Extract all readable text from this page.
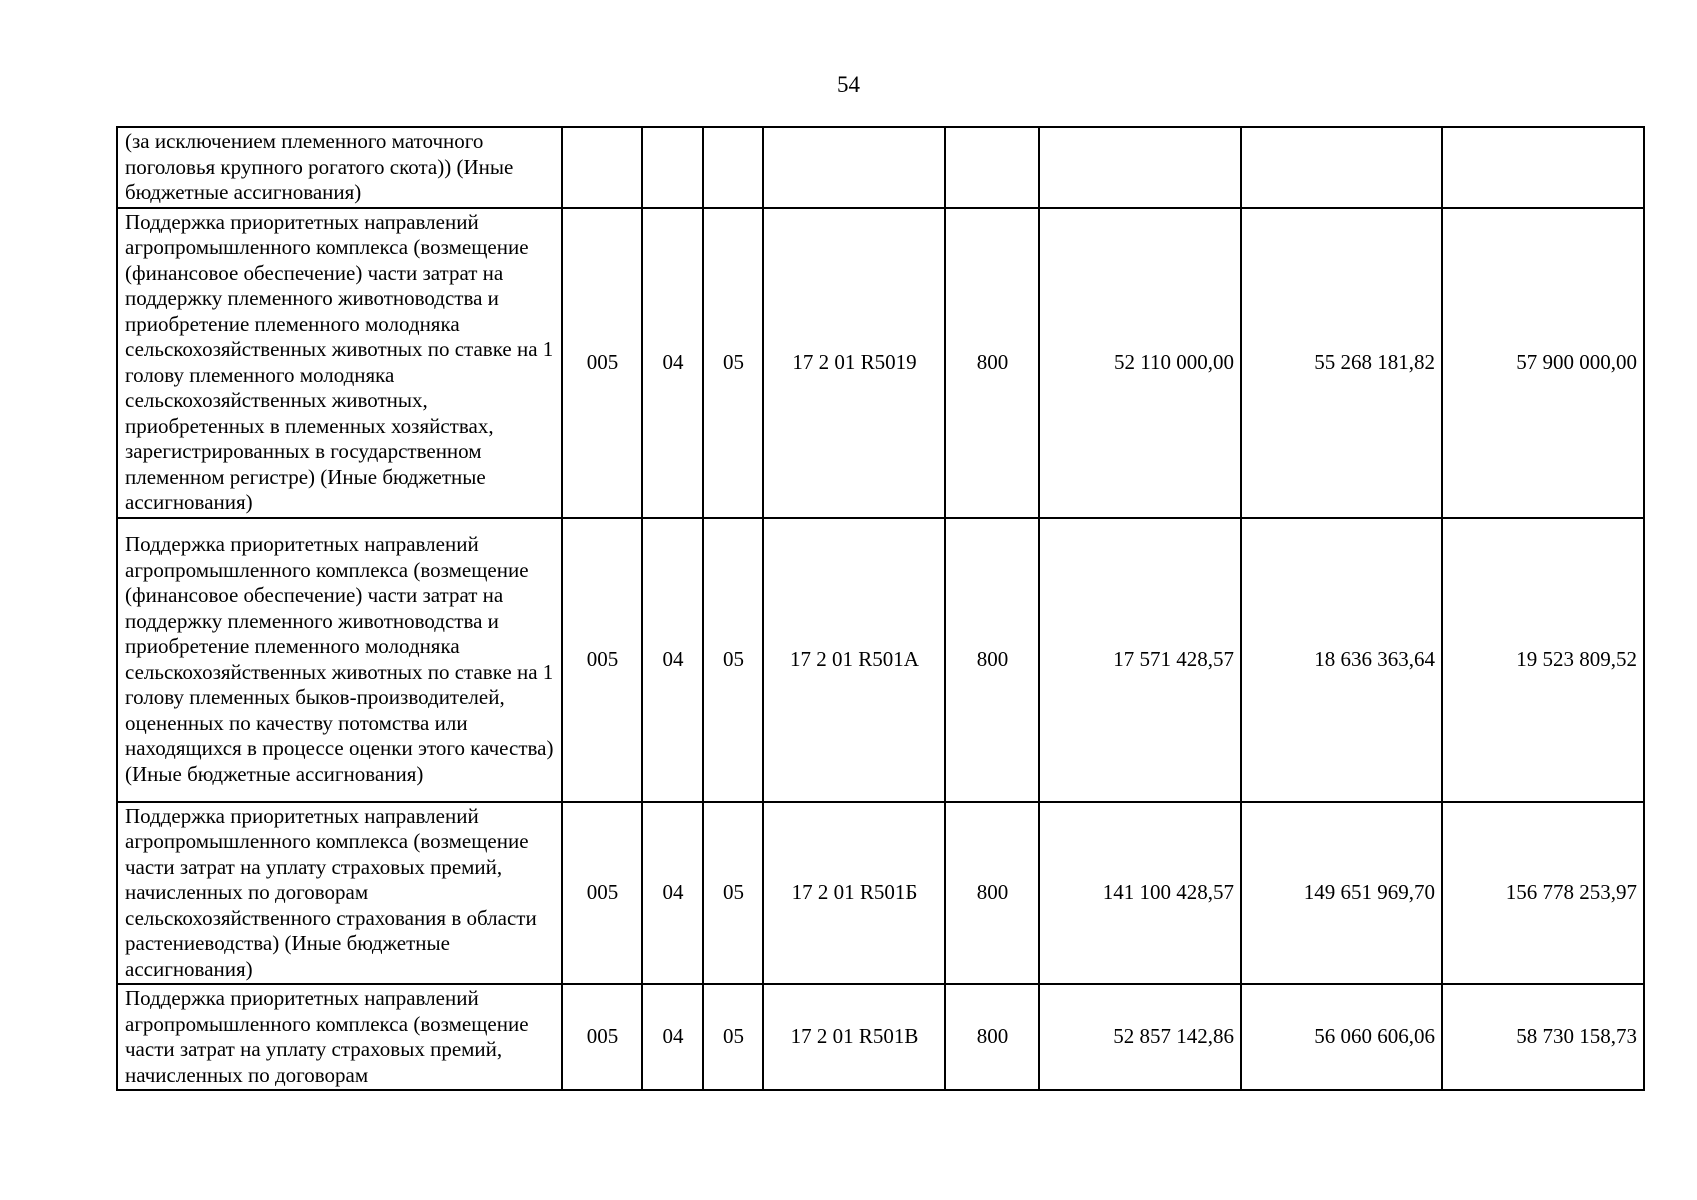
54
(за исключением племенного маточного поголовья крупного рогатого скота)) (Иные бюджетные ассигнования)								
Поддержка приоритетных направлений агропромышленного комплекса (возмещение (финансовое обеспечение) части затрат на поддержку племенного животноводства и приобретение племенного молодняка сельскохозяйственных животных по ставке на 1 голову племенного молодняка сельскохозяйственных животных, приобретенных в племенных хозяйствах, зарегистрированных в государственном племенном регистре) (Иные бюджетные ассигнования)	005	04	05	17 2 01 R5019	800	52 110 000,00	55 268 181,82	57 900 000,00
Поддержка приоритетных направлений агропромышленного комплекса (возмещение (финансовое обеспечение) части затрат на поддержку племенного животноводства и приобретение племенного молодняка сельскохозяйственных животных по ставке на 1 голову племенных быков-производителей, оцененных по качеству потомства или находящихся в процессе оценки этого качества) (Иные бюджетные ассигнования)	005	04	05	17 2 01 R501А	800	17 571 428,57	18 636 363,64	19 523 809,52
Поддержка приоритетных направлений агропромышленного комплекса (возмещение части затрат на уплату страховых премий, начисленных по договорам сельскохозяйственного страхования в области растениеводства) (Иные бюджетные ассигнования)	005	04	05	17 2 01 R501Б	800	141 100 428,57	149 651 969,70	156 778 253,97
Поддержка приоритетных направлений агропромышленного комплекса (возмещение части затрат на уплату страховых премий, начисленных по договорам	005	04	05	17 2 01 R501В	800	52 857 142,86	56 060 606,06	58 730 158,73
